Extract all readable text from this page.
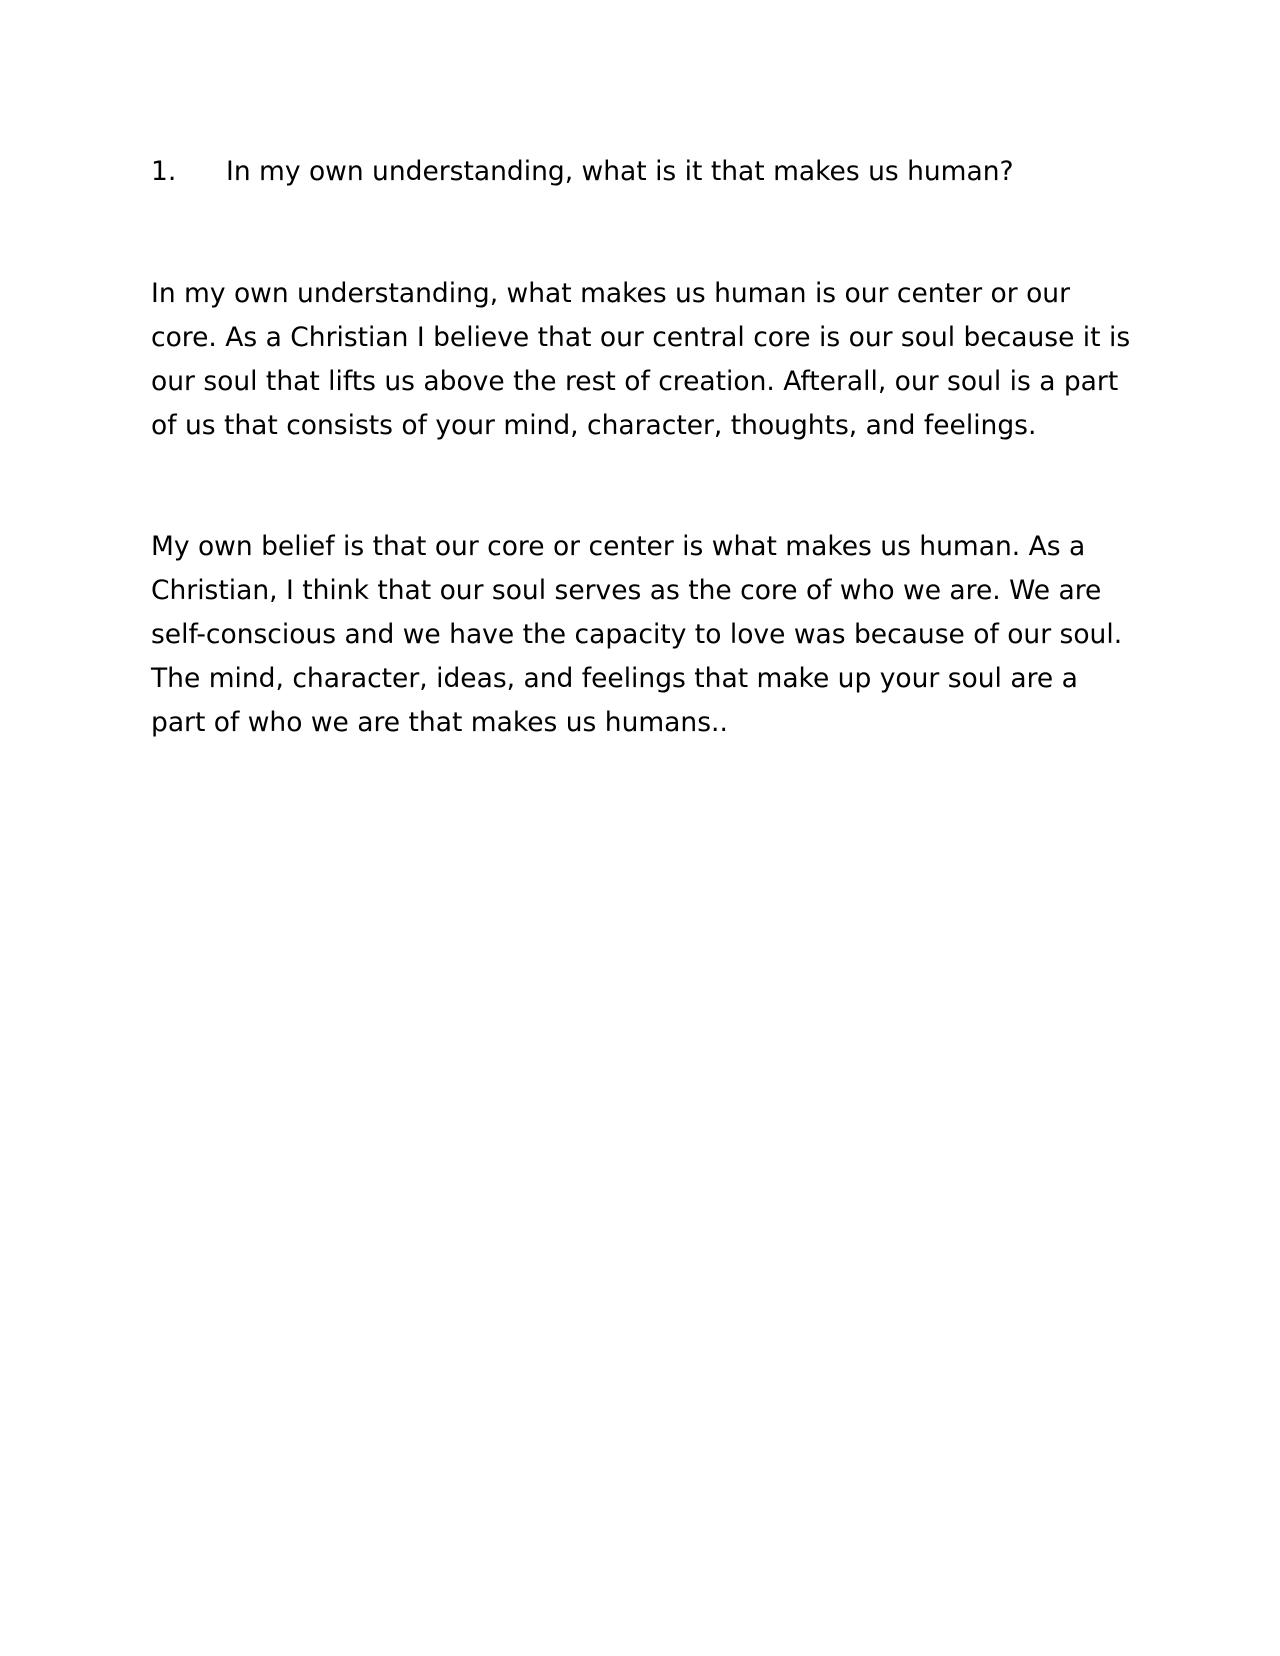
1. In my own understanding, what is it that makes us human?

In my own understanding, what makes us human is our center or our core. As a Christian I believe that our central core is our soul because it is our soul that lifts us above the rest of creation. Afterall, our soul is a part of us that consists of your mind, character, thoughts, and feelings.

My own belief is that our core or center is what makes us human. As a Christian, I think that our soul serves as the core of who we are. We are self-conscious and we have the capacity to love was because of our soul. The mind, character, ideas, and feelings that make up your soul are a part of who we are that makes us humans..
